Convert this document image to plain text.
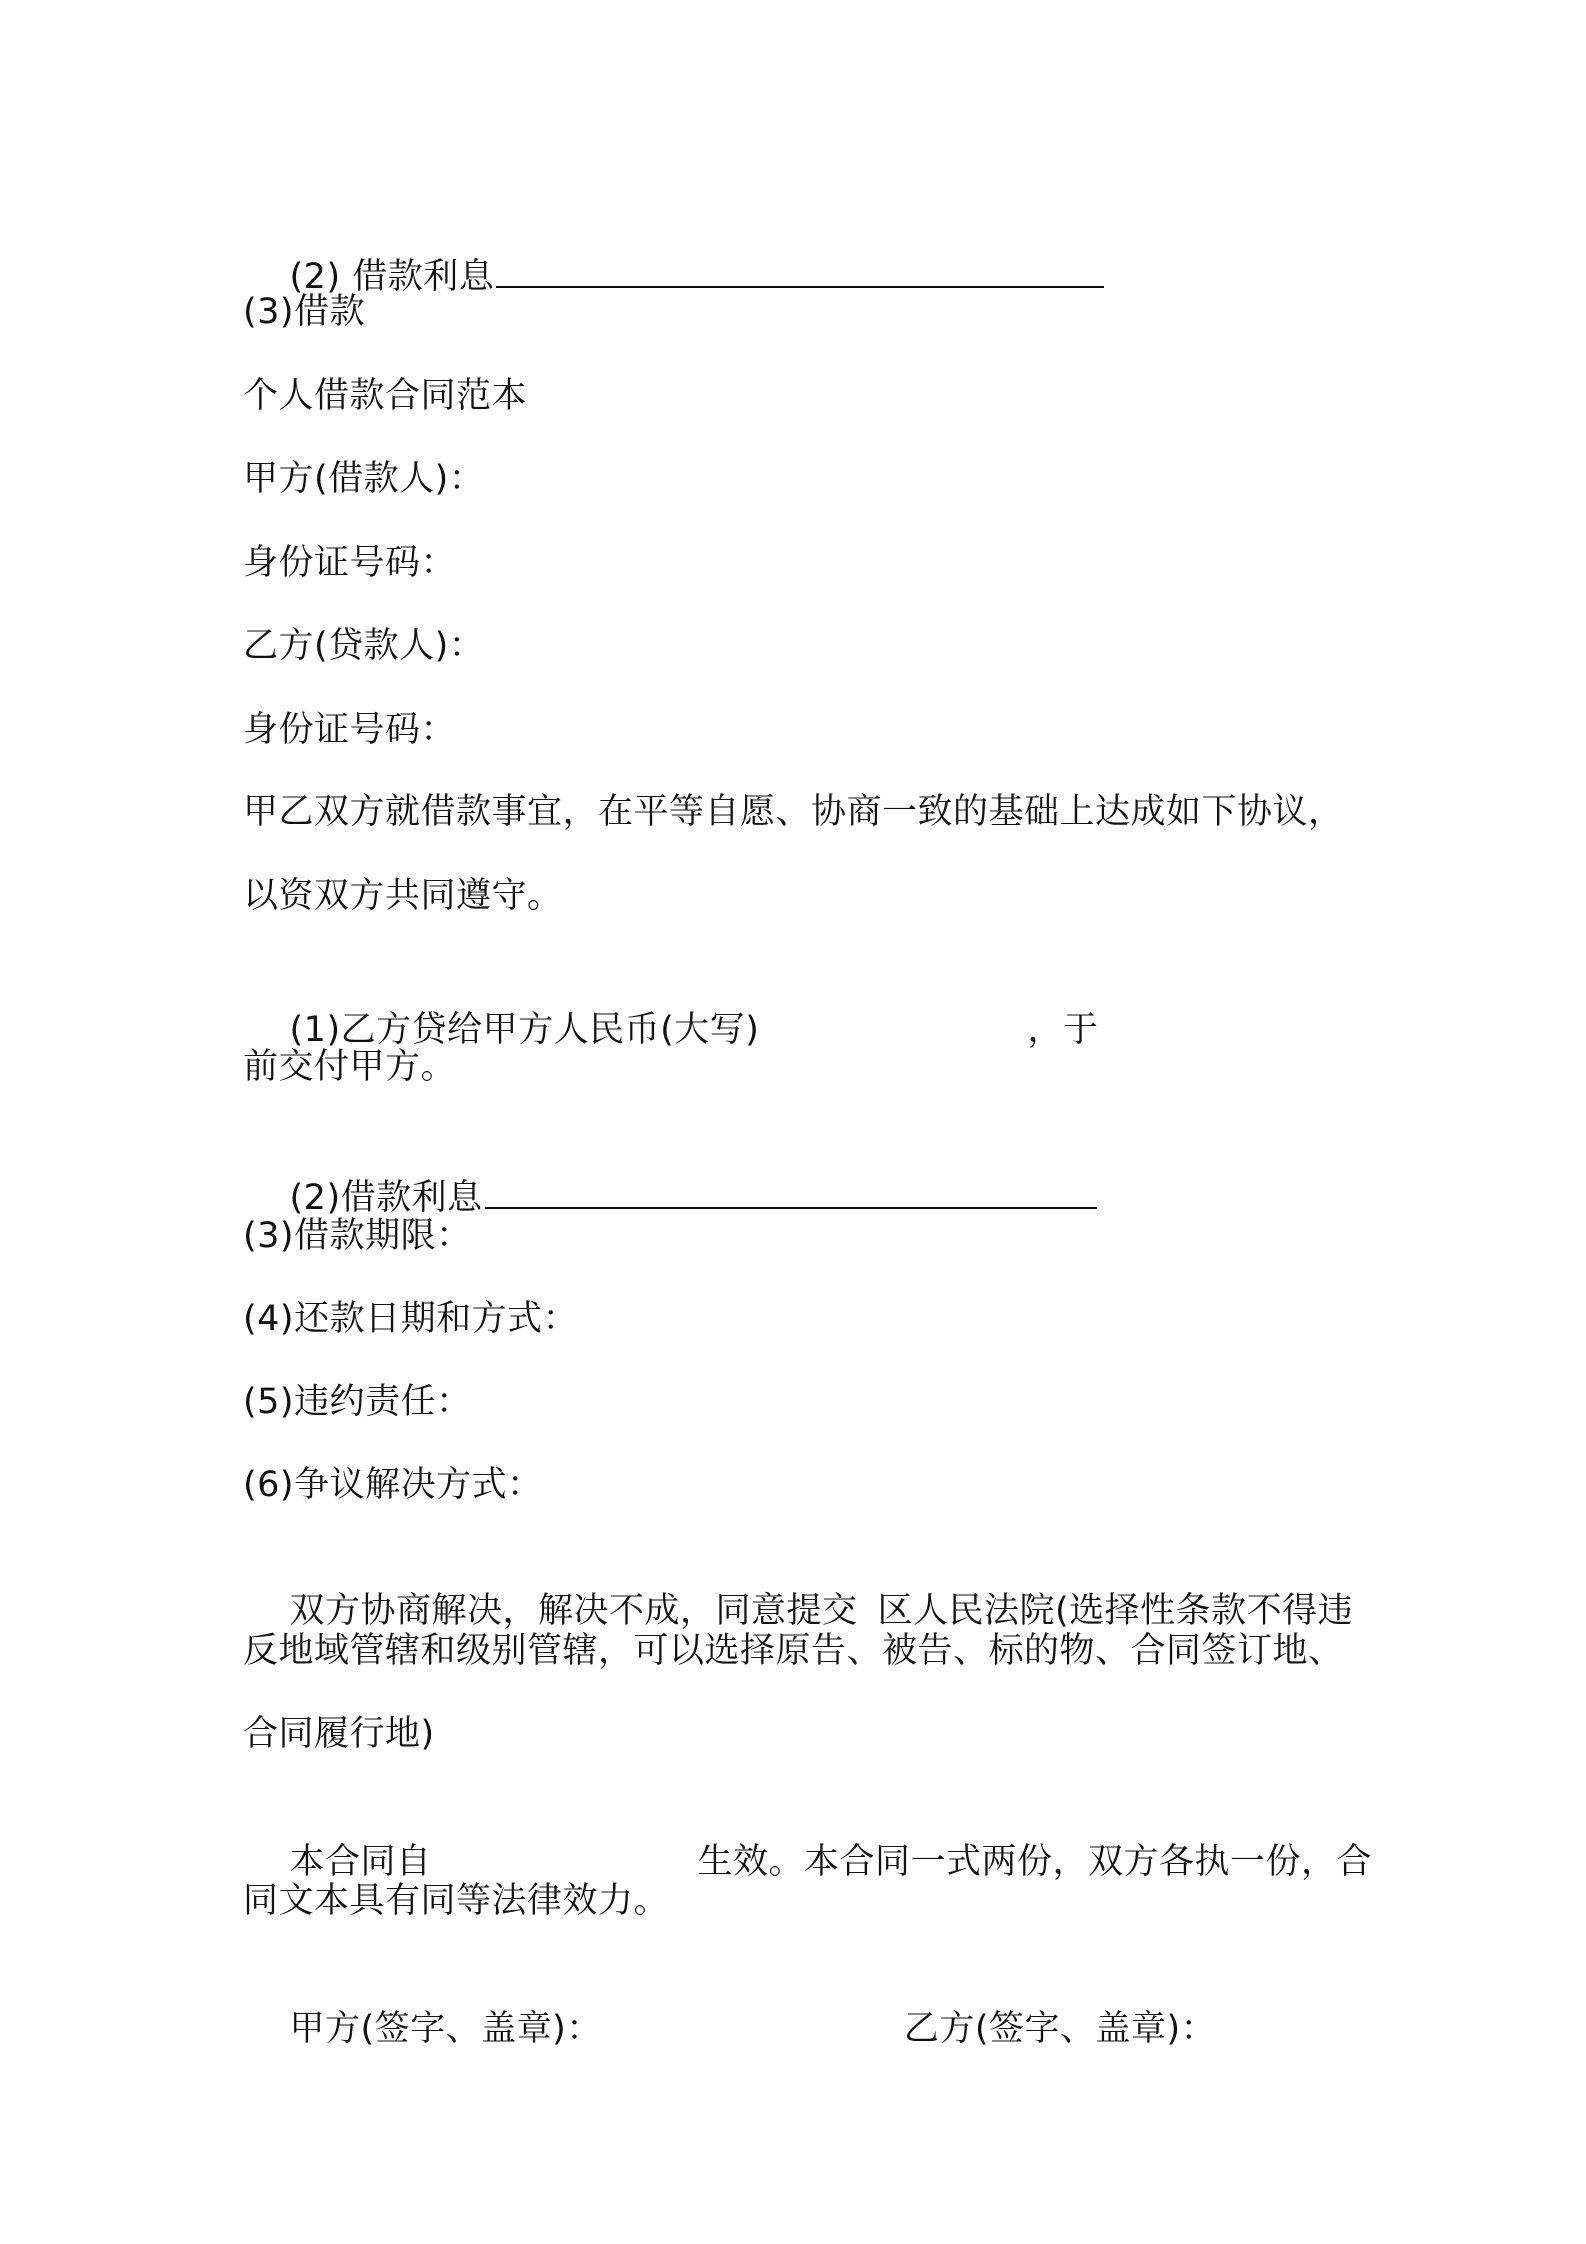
(2) 借款利息

(3)借款
个人借款合同范本
甲方(借款人)：
身份证号码：
乙方(贷款人)：
身份证号码：
甲乙双方就借款事宜，在平等自愿、协商一致的基础上达成如下协议，
以资双方共同遵守。

(1)乙方贷给甲方人民币(大写)	，于

前交付甲方。

(2)借款利息

(3)借款期限：
(4)还款日期和方式：
(5)违约责任：
(6)争议解决方式：

双方协商解决，解决不成，同意提交 区人民法院(选择性条款不得违

反地域管辖和级别管辖，可以选择原告、被告、标的物、合同签订地、
合同履行地)

本合同自	生效。本合同一式两份，双方各执一份，合

同文本具有同等法律效力。

甲方(签字、盖章)：	乙方(签字、盖章)：
